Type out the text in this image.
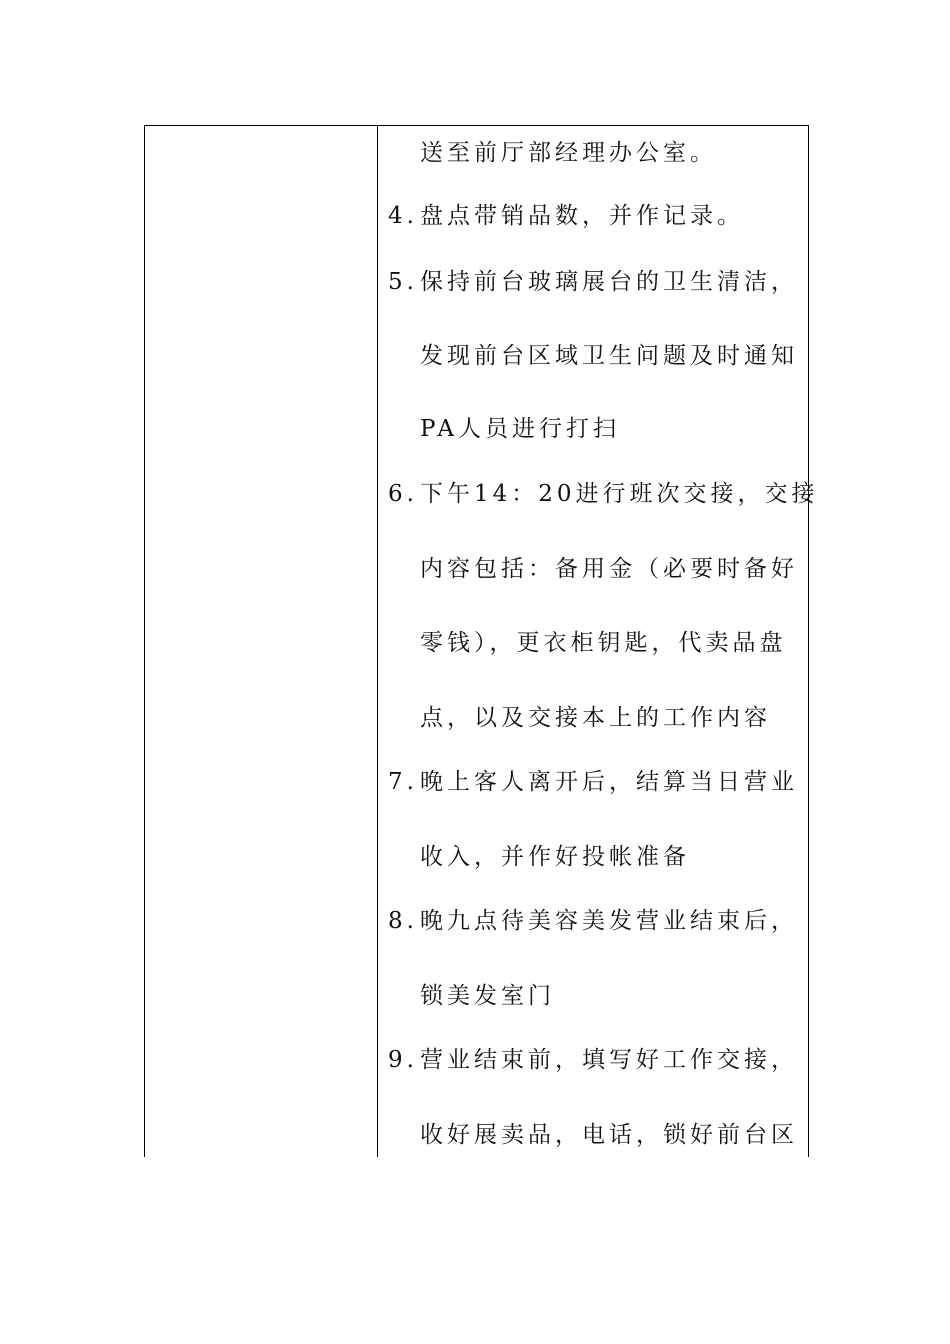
送至前厅部经理办公室。
4.盘点带销品数，并作记录。
5.保持前台玻璃展台的卫生清洁，
发现前台区域卫生问题及时通知
PA人员进行打扫
6.下午14：20进行班次交接，交接
内容包括：备用金（必要时备好
零钱），更衣柜钥匙，代卖品盘
点，以及交接本上的工作内容
7.晚上客人离开后，结算当日营业
收入，并作好投帐准备
8.晚九点待美容美发营业结束后，
锁美发室门
9.营业结束前，填写好工作交接，
收好展卖品，电话，锁好前台区
